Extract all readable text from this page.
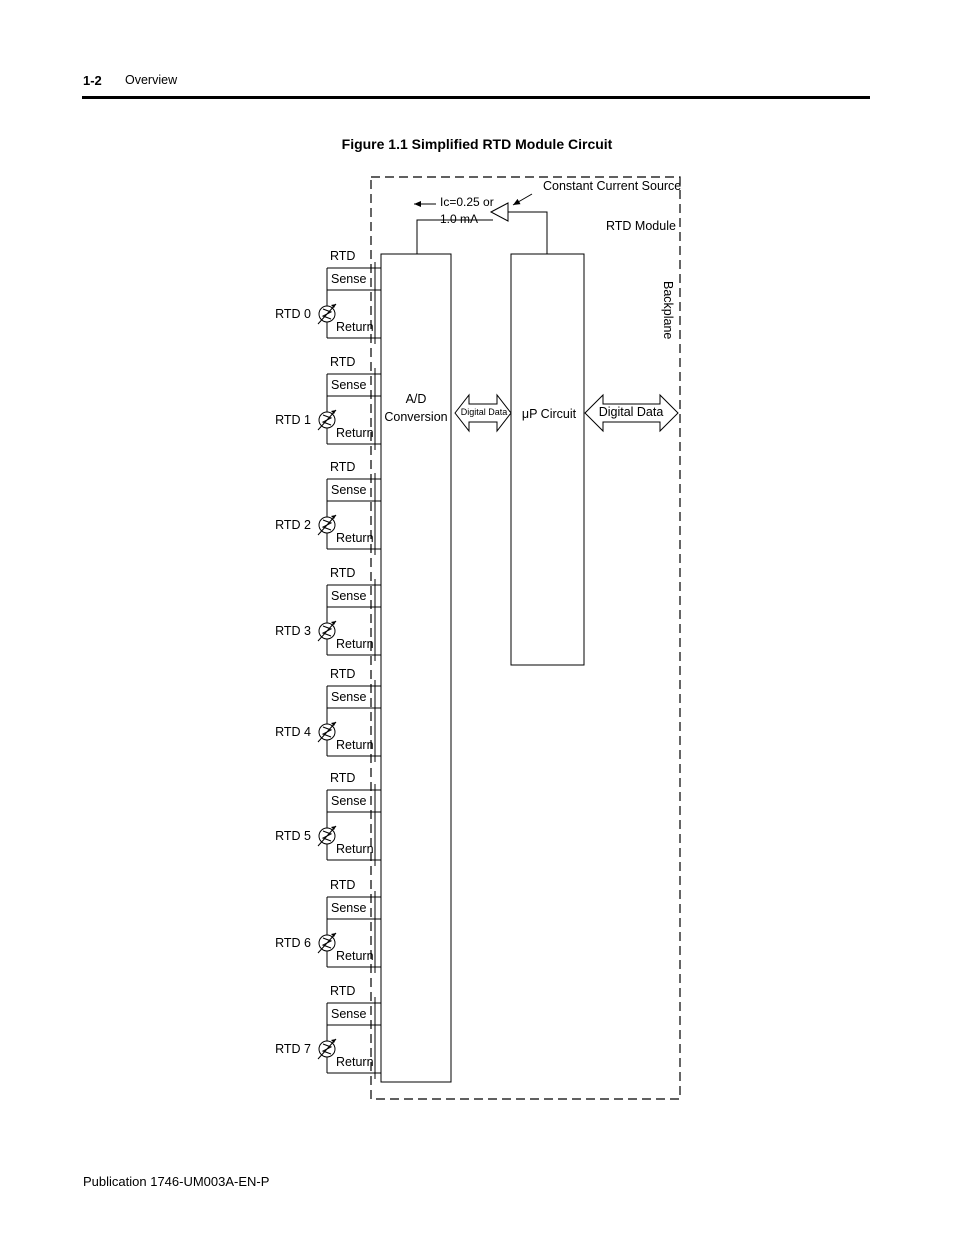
1-2 Overview
Figure 1.1 Simplified RTD Module Circuit
A/D
Conversion	μP Circuit
Ic=0.25 or
1.0 mA
Constant Current Source
RTD Module
Backplane
Digital Data	Digital Data
RTD
Sense
Return
RTD 0
RTD
Sense
Return
RTD 1
RTD
Sense
Return
RTD 2
RTD
Sense
Return
RTD 3
RTD
Sense
Return
RTD 4
RTD
Sense
Return
RTD 5
RTD
Sense
Return
RTD 6
RTD
Sense
Return
RTD 7
Publication 1746-UM003A-EN-P
